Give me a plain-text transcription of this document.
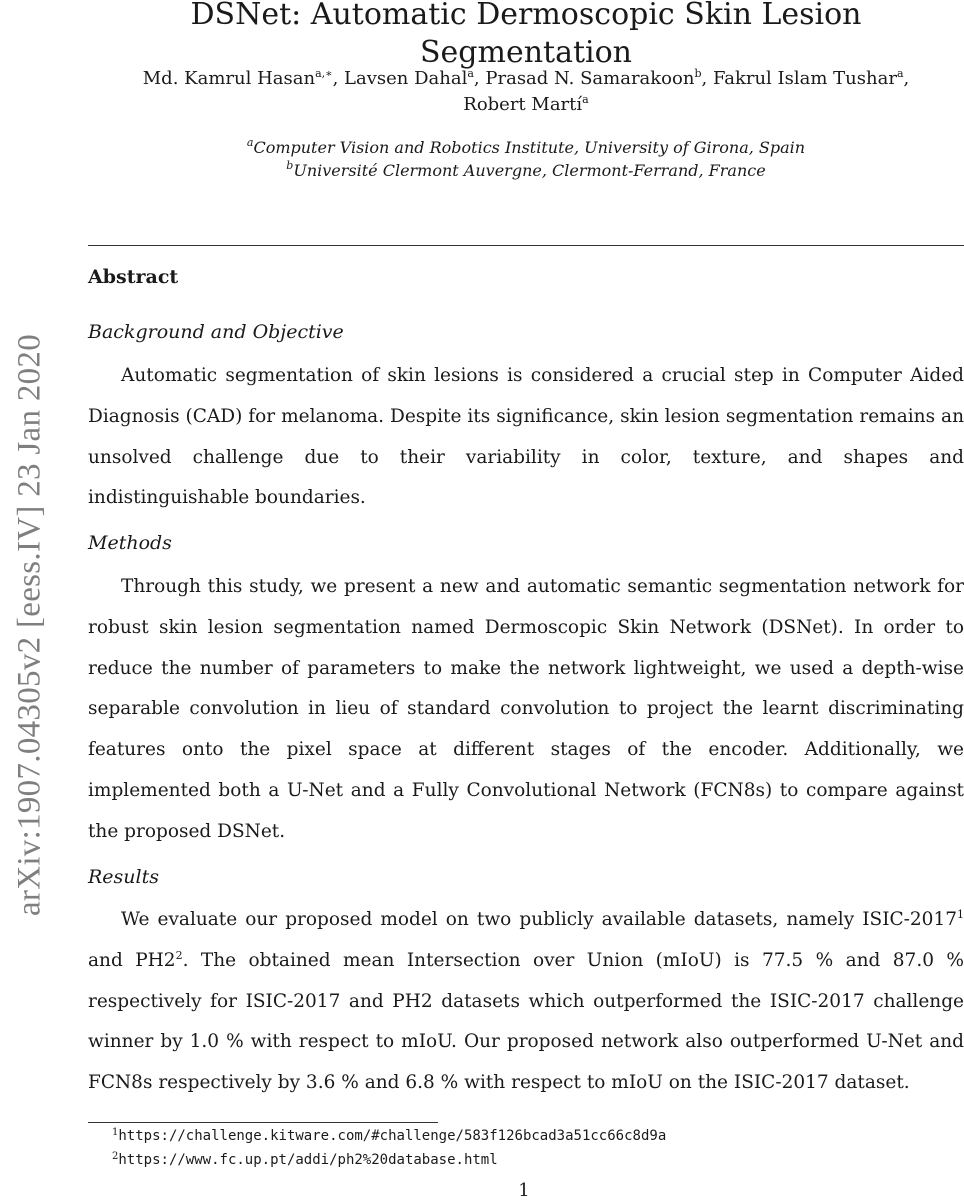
arXiv:1907.04305v2 [eess.IV] 23 Jan 2020
DSNet: Automatic Dermoscopic Skin Lesion Segmentation
Md. Kamrul Hasan$^{a,∗}$, Lavsen Dahal$^a$, Prasad N. Samarakoon$^b$, Fakrul Islam Tushar$^a$,
Robert Martí$^a$
$^a$Computer Vision and Robotics Institute, University of Girona, Spain
$^b$Université Clermont Auvergne, Clermont-Ferrand, France
Abstract
Background and Objective

Automatic segmentation of skin lesions is considered a crucial step in Computer Aided Diagnosis (CAD) for melanoma. Despite its significance, skin lesion segmentation remains an unsolved challenge due to their variability in color, texture, and shapes and indistinguishable boundaries.

Methods

Through this study, we present a new and automatic semantic segmentation network for robust skin lesion segmentation named Dermoscopic Skin Network (DSNet). In order to reduce the number of parameters to make the network lightweight, we used a depth-wise separable convolution in lieu of standard convolution to project the learnt discriminating features onto the pixel space at different stages of the encoder. Additionally, we implemented both a U-Net and a Fully Convolutional Network (FCN8s) to compare against the proposed DSNet.

Results

We evaluate our proposed model on two publicly available datasets, namely ISIC-2017$^1$ and $PH2^2$. The obtained mean Intersection over Union (mIoU) is 77.5 % and 87.0 % respectively for ISIC-2017 and PH2 datasets which outperformed the ISIC-2017 challenge winner by 1.0 % with respect to mIoU. Our proposed network also outperformed U-Net and FCN8s respectively by 3.6 % and 6.8 % with respect to mIoU on the ISIC-2017 dataset.

$^1$https://challenge.kitware.com/#challenge/583f126bcad3a51cc66c8d9a
$^2$https://www.fc.up.pt/addi/ph2%20database.html
1
